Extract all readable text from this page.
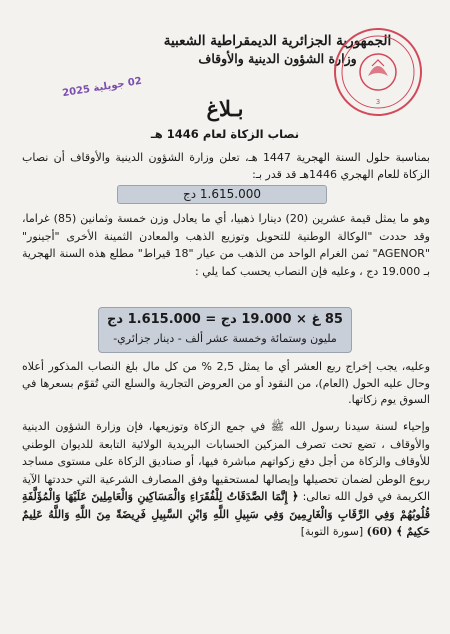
الجمهورية الجزائرية الديمقراطية الشعبية
وزارة الشؤون الدينية والأوقاف
3
02 جويلية 2025
بـلاغ
نصاب الزكاة لعام 1446 هـ
بمناسبة حلول السنة الهجرية 1447 هـ، تعلن وزارة الشؤون الدينية والأوقاف أن نصاب الزكاة للعام الهجري 1446هـ قد قدر بـ:
1.615.000 دج
وهو ما يمثل قيمة عشرين (20) دينارا ذهبيا، أي ما يعادل وزن خمسة وثمانين (85) غراما، وقد حددت "الوكالة الوطنية للتحويل وتوزيع الذهب والمعادن الثمينة الأخرى "أجينور" "AGENOR" ثمن الغرام الواحد من الذهب من عيار "18 قيراط" مطلع هذه السنة الهجرية بـ 19.000 دج ، وعليه فإن النصاب يحسب كما يلي :
85 غ × 19.000 دج = 1.615.000 دج
مليون وستمائة وخمسة عشر ألف - دينار جزائري-
وعليه، يجب إخراج ربع العشر أي ما يمثل 2,5 % من كل مال بلغ النصاب المذكور أعلاه وحال عليه الحول (العام)، من النقود أو من العروض التجارية والسلع التي تُقوّم بسعرها في السوق يوم زكاتها.
وإحياء لسنة سيدنا رسول الله ﷺ في جمع الزكاة وتوزيعها، فإن وزارة الشؤون الدينية والأوقاف ، تضع تحت تصرف المزكين الحسابات البريدية الولائية التابعة للديوان الوطني للأوقاف والزكاة من أجل دفع زكواتهم مباشرة فيها، أو صناديق الزكاة على مستوى مساجد ربوع الوطن لضمان تحصيلها وإيصالها لمستحقيها وفق المصارف الشرعية التي حددتها الآية الكريمة في قول الله تعالى: ﴿ إِنَّمَا الصَّدَقَاتُ لِلْفُقَرَاءِ وَالْمَسَاكِينِ وَالْعَامِلِينَ عَلَيْهَا وَالْمُؤَلَّفَةِ قُلُوبُهُمْ وَفِي الرِّقَابِ وَالْغَارِمِينَ وَفِي سَبِيلِ اللَّهِ وَابْنِ السَّبِيلِ فَرِيضَةً مِنَ اللَّهِ وَاللَّهُ عَلِيمٌ حَكِيمٌ ﴾ (60) [سورة التوبة]
